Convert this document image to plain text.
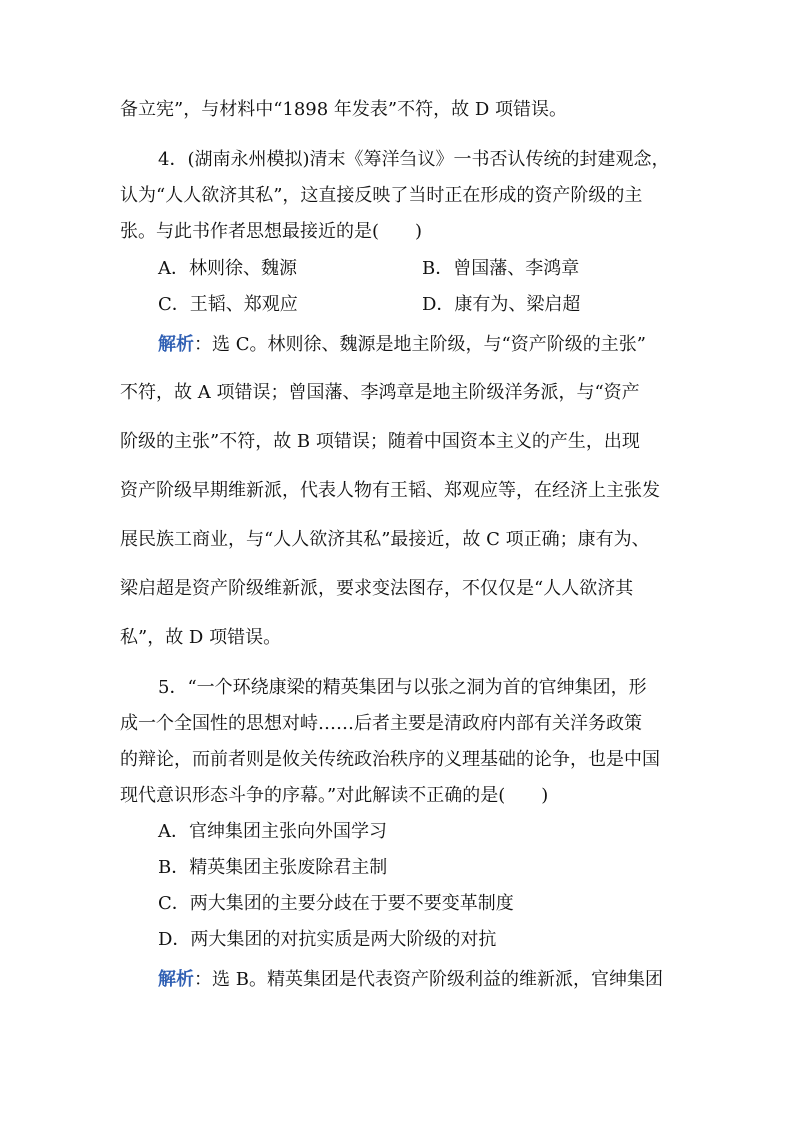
备立宪”，与材料中“1898 年发表”不符，故 D 项错误。
4．(湖南永州模拟)清末《筹洋刍议》一书否认传统的封建观念，
认为“人人欲济其私”，这直接反映了当时正在形成的资产阶级的主
张。与此书作者思想最接近的是(　　)
A．林则徐、魏源	B．曾国藩、李鸿章
C．王韬、郑观应	D．康有为、梁启超
解析：选 C。林则徐、魏源是地主阶级，与“资产阶级的主张”
不符，故 A 项错误；曾国藩、李鸿章是地主阶级洋务派，与“资产
阶级的主张”不符，故 B 项错误；随着中国资本主义的产生，出现
资产阶级早期维新派，代表人物有王韬、郑观应等，在经济上主张发
展民族工商业，与“人人欲济其私”最接近，故 C 项正确；康有为、
梁启超是资产阶级维新派，要求变法图存，不仅仅是“人人欲济其
私”，故 D 项错误。
5．“一个环绕康梁的精英集团与以张之洞为首的官绅集团，形
成一个全国性的思想对峙……后者主要是清政府内部有关洋务政策
的辩论，而前者则是攸关传统政治秩序的义理基础的论争，也是中国
现代意识形态斗争的序幕。”对此解读不正确的是(　　)
A．官绅集团主张向外国学习
B．精英集团主张废除君主制
C．两大集团的主要分歧在于要不要变革制度
D．两大集团的对抗实质是两大阶级的对抗
解析：选 B。精英集团是代表资产阶级利益的维新派，官绅集团
